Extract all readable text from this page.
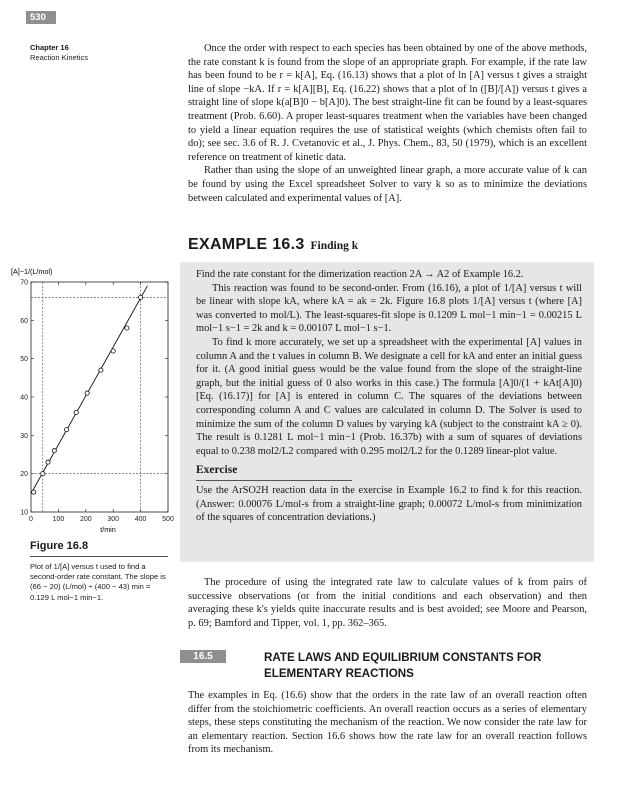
530
Chapter 16
Reaction Kinetics

Once the order with respect to each species has been obtained by one of the above methods, the rate constant k is found from the slope of an appropriate graph. For example, if the rate law has been found to be r = k[A], Eq. (16.13) shows that a plot of ln [A] versus t gives a straight line of slope −kA. If r = k[A][B], Eq. (16.22) shows that a plot of ln ([B]/[A]) versus t gives a straight line of slope k(a[B]0 − b[A]0). The best straight-line fit can be found by a least-squares treatment (Prob. 6.60). A proper least-squares treatment when the variables have been changed to yield a linear equation requires the use of statistical weights (which chemists often fail to do); see sec. 3.6 of R. J. Cvetanovic et al., J. Phys. Chem., 83, 50 (1979), which is an excellent reference on treatment of kinetic data.

Rather than using the slope of an unweighted linear graph, a more accurate value of k can be found by using the Excel spreadsheet Solver to vary k so as to minimize the deviations between calculated and experimental values of [A].

EXAMPLE 16.3 Finding k
[A]−1/(L/mol)
0	100 200 300 400 500
10
20
30
40
50
60
70
t/min
Figure 16.8
Plot of 1/[A] versus t used to find a second-order rate constant. The slope is (66 − 20) (L/mol) ÷ (400 − 43) min = 0.129 L mol−1 min−1.

Find the rate constant for the dimerization reaction 2A → A2 of Example 16.2.

This reaction was found to be second-order. From (16.16), a plot of 1/[A] versus t will be linear with slope kA, where kA = ak = 2k. Figure 16.8 plots 1/[A] versus t (where [A] was converted to mol/L). The least-squares-fit slope is 0.1209 L mol−1 min−1 = 0.00215 L mol−1 s−1 = 2k and k = 0.00107 L mol−1 s−1.

To find k more accurately, we set up a spreadsheet with the experimental [A] values in column A and the t values in column B. We designate a cell for kA and enter an initial guess for it. (A good initial guess would be the value found from the slope of the straight-line graph, but the initial guess of 0 also works in this case.) The formula [A]0/(1 + kAt[A]0) [Eq. (16.17)] for [A] is entered in column C. The squares of the deviations between corresponding column A and C values are calculated in column D. The Solver is used to minimize the sum of the column D values by varying kA (subject to the constraint kA ≥ 0). The result is 0.1281 L mol−1 min−1 (Prob. 16.37b) with a sum of squares of deviations equal to 0.238 mol2/L2 compared with 0.295 mol2/L2 for the 0.1289 linear-plot value.

Exercise

Use the ArSO2H reaction data in the exercise in Example 16.2 to find k for this reaction. (Answer: 0.00076 L/mol-s from a straight-line graph; 0.00072 L/mol-s from minimization of the squares of concentration deviations.)

The procedure of using the integrated rate law to calculate values of k from pairs of successive observations (or from the initial conditions and each observation) and then averaging these k's yields quite inaccurate results and is best avoided; see Moore and Pearson, p. 69; Bamford and Tipper, vol. 1, pp. 362–365.

16.5	RATE LAWS AND EQUILIBRIUM CONSTANTS FOR ELEMENTARY REACTIONS

The examples in Eq. (16.6) show that the orders in the rate law of an overall reaction often differ from the stoichiometric coefficients. An overall reaction occurs as a series of elementary steps, these steps constituting the mechanism of the reaction. We now consider the rate law for an elementary reaction. Section 16.6 shows how the rate law for an overall reaction follows from its mechanism.
